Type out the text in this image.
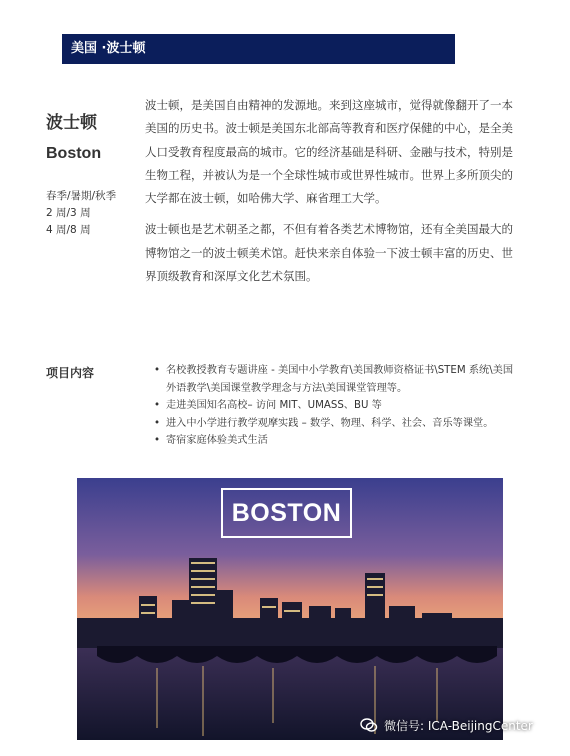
美国 ·波士顿
波士顿
Boston
春季/暑期/秋季
2 周/3 周
4 周/8 周

波士顿，是美国自由精神的发源地。来到这座城市，觉得就像翻开了一本美国的历史书。波士顿是美国东北部高等教育和医疗保健的中心，是全美人口受教育程度最高的城市。它的经济基础是科研、金融与技术，特别是生物工程，并被认为是一个全球性城市或世界性城市。世界上多所顶尖的大学都在波士顿，如哈佛大学、麻省理工大学。

波士顿也是艺术朝圣之都，不但有着各类艺术博物馆，还有全美国最大的博物馆之一的波士顿美术馆。赶快来亲自体验一下波士顿丰富的历史、世界顶级教育和深厚文化艺术氛围。

项目内容
•	名校教授教育专题讲座 - 美国中小学教育\美国教师资格证书\STEM 系统\美国外语教学\美国课堂教学理念与方法\美国课堂管理等。
• 走进美国知名高校– 访问 MIT、UMASS、BU 等
• 进入中小学进行教学观摩实践 – 数学、物理、科学、社会、音乐等课堂。
• 寄宿家庭体验美式生活
BOSTON
微信号: ICA-BeijingCenter
